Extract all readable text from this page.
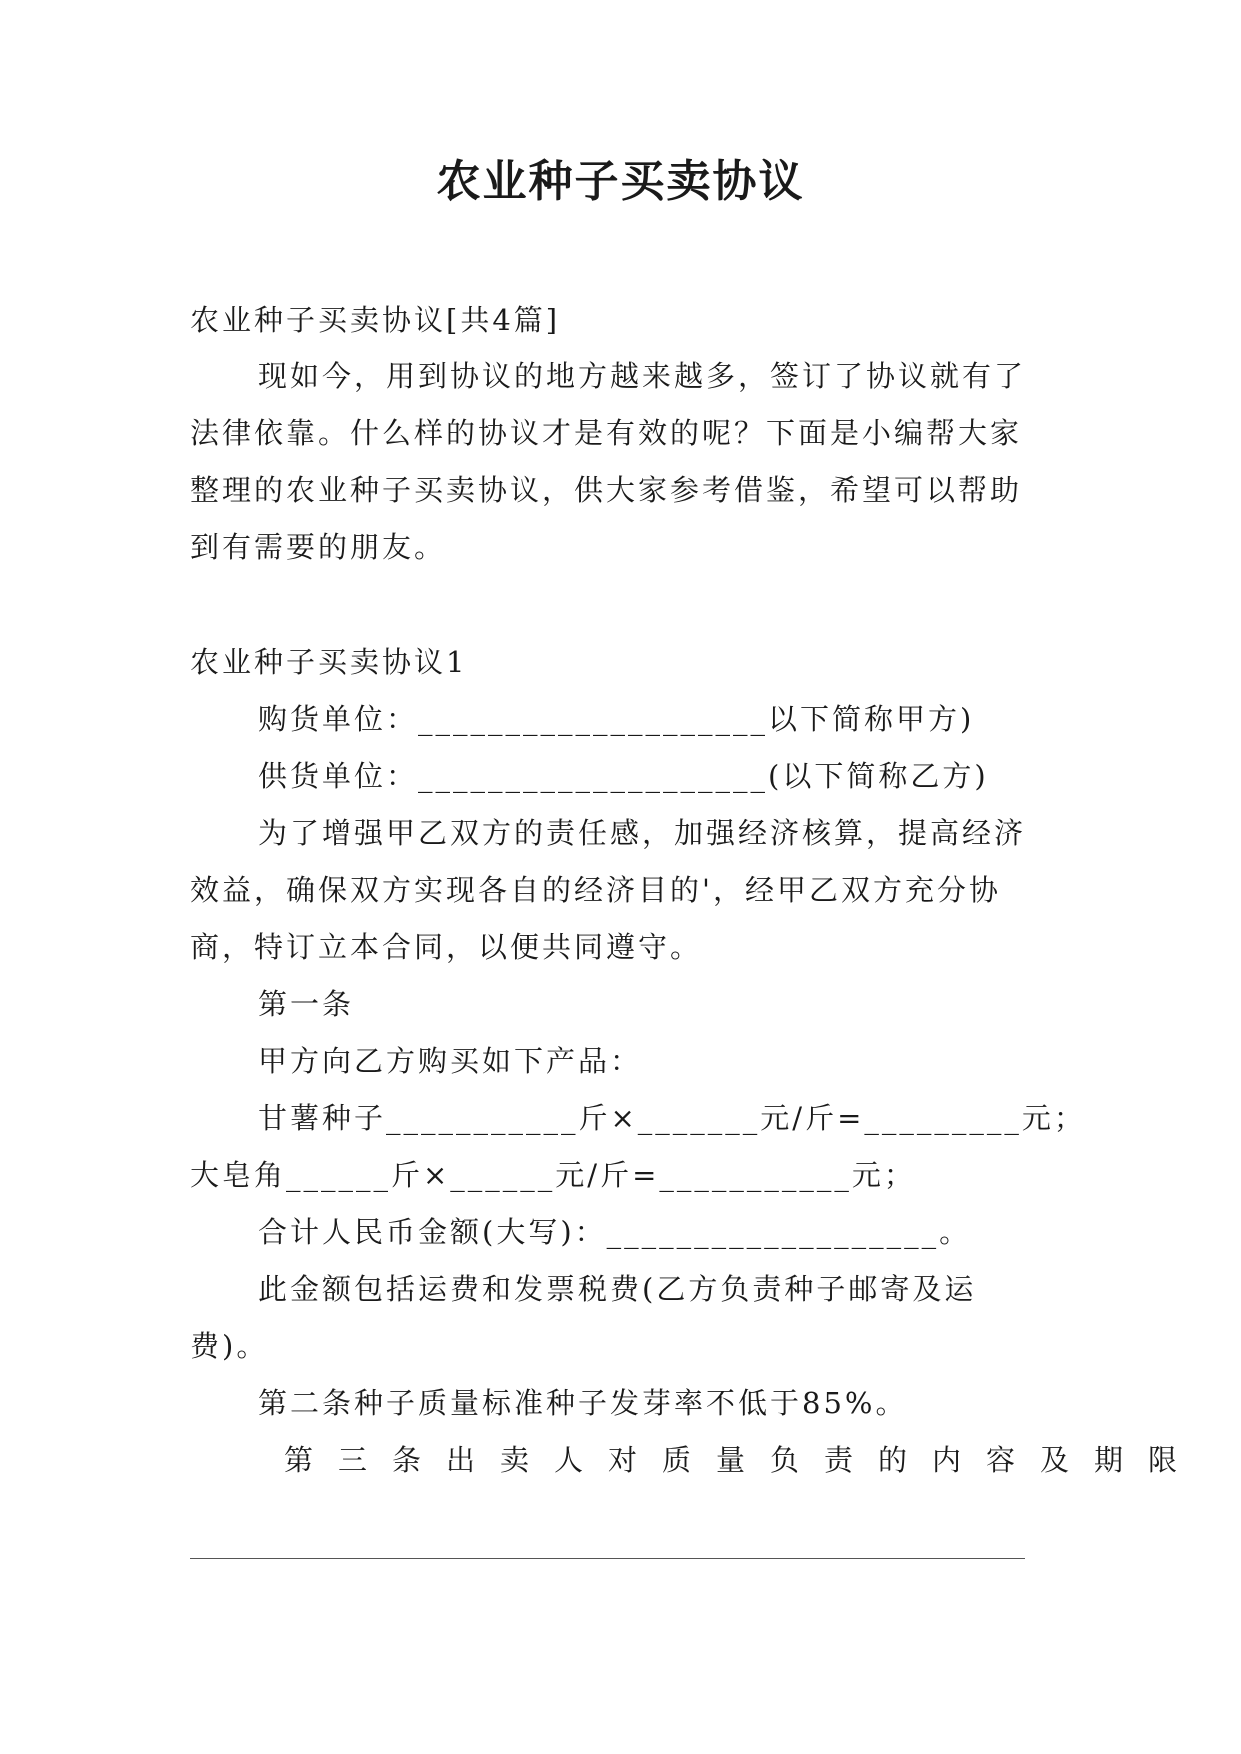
农业种子买卖协议
农业种子买卖协议[共4篇]
现如今，用到协议的地方越来越多，签订了协议就有了
法律依靠。什么样的协议才是有效的呢？下面是小编帮大家
整理的农业种子买卖协议，供大家参考借鉴，希望可以帮助
到有需要的朋友。
农业种子买卖协议1
购货单位：____________________以下简称甲方)
供货单位：____________________(以下简称乙方)
为了增强甲乙双方的责任感，加强经济核算，提高经济
效益，确保双方实现各自的经济目的'，经甲乙双方充分协
商，特订立本合同，以便共同遵守。
第一条
甲方向乙方购买如下产品：
甘薯种子___________斤×_______元/斤=_________元；
大皂角______斤×______元/斤=___________元；
合计人民币金额(大写)：___________________。
此金额包括运费和发票税费(乙方负责种子邮寄及运
费)。
第二条种子质量标准种子发芽率不低于85%。
第三条出卖人对质量负责的内容及期限
